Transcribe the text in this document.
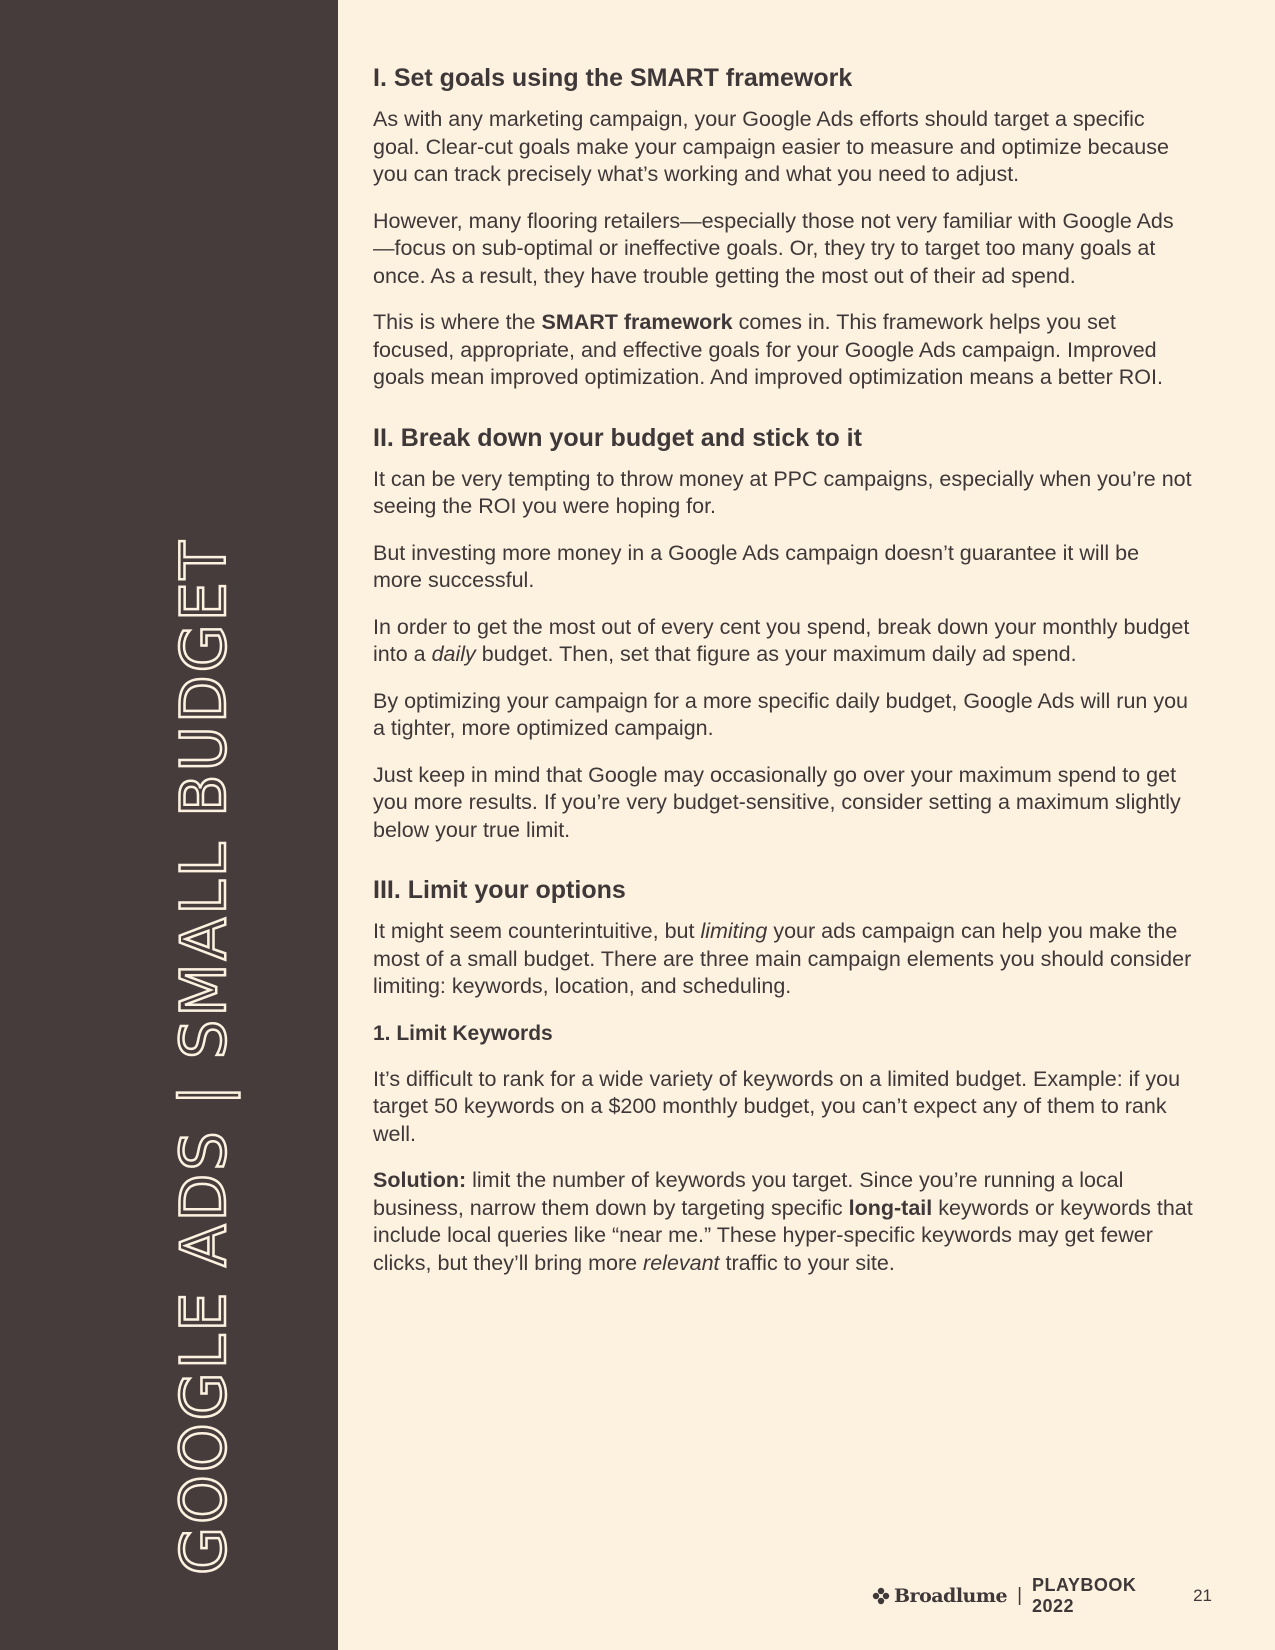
GOOGLE ADS | SMALL BUDGET
I. Set goals using the SMART framework

As with any marketing campaign, your Google Ads efforts should target a specific goal. Clear-cut goals make your campaign easier to measure and optimize because you can track precisely what’s working and what you need to adjust.

However, many flooring retailers—especially those not very familiar with Google Ads—focus on sub-optimal or ineffective goals. Or, they try to target too many goals at once. As a result, they have trouble getting the most out of their ad spend.

This is where the SMART framework comes in. This framework helps you set focused, appropriate, and effective goals for your Google Ads campaign. Improved goals mean improved optimization. And improved optimization means a better ROI.

II. Break down your budget and stick to it

It can be very tempting to throw money at PPC campaigns, especially when you’re not seeing the ROI you were hoping for.

But investing more money in a Google Ads campaign doesn’t guarantee it will be more successful.

In order to get the most out of every cent you spend, break down your monthly budget into a daily budget. Then, set that figure as your maximum daily ad spend.

By optimizing your campaign for a more specific daily budget, Google Ads will run you a tighter, more optimized campaign.

Just keep in mind that Google may occasionally go over your maximum spend to get you more results. If you’re very budget-sensitive, consider setting a maximum slightly below your true limit.

III. Limit your options

It might seem counterintuitive, but limiting your ads campaign can help you make the most of a small budget. There are three main campaign elements you should consider limiting: keywords, location, and scheduling.

1. Limit Keywords

It’s difficult to rank for a wide variety of keywords on a limited budget. Example: if you target 50 keywords on a $200 monthly budget, you can’t expect any of them to rank well.

Solution: limit the number of keywords you target. Since you’re running a local business, narrow them down by targeting specific long-tail keywords or keywords that include local queries like “near me.” These hyper-specific keywords may get fewer clicks, but they’ll bring more relevant traffic to your site.

Broadlume | PLAYBOOK 2022
21
